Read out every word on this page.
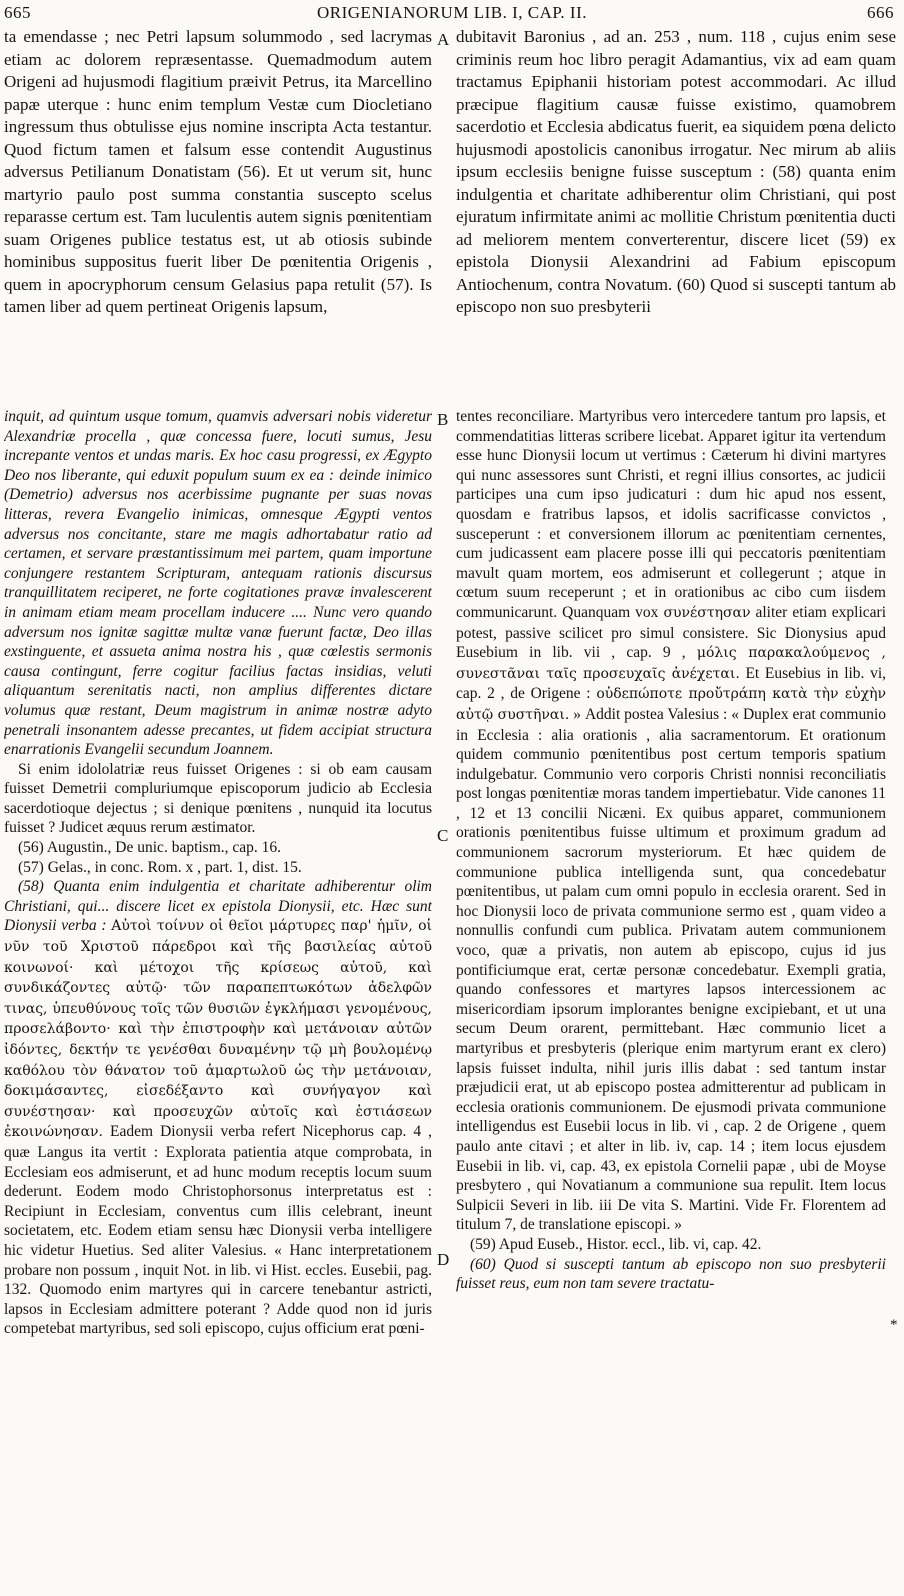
665	ORIGENIANORUM LIB. I, CAP. II.	666

ta emendasse ; nec Petri lapsum solummodo , sed lacrymas etiam ac dolorem repræsentasse. Quemadmodum autem Origeni ad hujusmodi flagitium præivit Petrus, ita Marcellino papæ uterque : hunc enim templum Vestæ cum Diocletiano ingressum thus obtulisse ejus nomine inscripta Acta testantur. Quod fictum tamen et falsum esse contendit Augustinus adversus Petilianum Donatistam (56). Et ut verum sit, hunc martyrio paulo post summa constantia suscepto scelus reparasse certum est. Tam luculentis autem signis pœnitentiam suam Origenes publice testatus est, ut ab otiosis subinde hominibus suppositus fuerit liber De pœnitentia Origenis , quem in apocryphorum censum Gelasius papa retulit (57). Is tamen liber ad quem pertineat Origenis lapsum,

A dubitavit Baronius , ad an. 253 , num. 118 , cujus enim sese criminis reum hoc libro peragit Adamantius, vix ad eam quam tractamus Epiphanii historiam potest accommodari. Ac illud præcipue flagitium causæ fuisse existimo, quamobrem sacerdotio et Ecclesia abdicatus fuerit, ea siquidem pœna delicto hujusmodi apostolicis canonibus irrogatur. Nec mirum ab aliis ipsum ecclesiis benigne fuisse susceptum : (58) quanta enim indulgentia et charitate adhiberentur olim Christiani, qui post ejuratum infirmitate animi ac mollitie Christum pœnitentia ducti ad meliorem mentem converterentur, discere licet (59) ex epistola Dionysii Alexandrini ad Fabium episcopum Antiochenum, contra Novatum. (60) Quod si suscepti tantum ab episcopo non suo presbyterii

inquit, ad quintum usque tomum, quamvis adversari nobis videretur Alexandriæ procella , quæ concessa fuere, locuti sumus, Jesu increpante ventos et undas maris. Ex hoc casu progressi, ex Ægypto Deo nos liberante, qui eduxit populum suum ex ea : deinde inimico (Demetrio) adversus nos acerbissime pugnante per suas novas litteras, revera Evangelio inimicas, omnesque Ægypti ventos adversus nos concitante, stare me magis adhortabatur ratio ad certamen, et servare præstantissimum mei partem, quam importune conjungere restantem Scripturam, antequam rationis discursus tranquillitatem reciperet, ne forte cogitationes pravæ invalescerent in animam etiam meam procellam inducere .... Nunc vero quando adversum nos ignitæ sagittæ multæ vanæ fuerunt factæ, Deo illas exstinguente, et assueta anima nostra his , quæ cœlestis sermonis causa contingunt, ferre cogitur facilius factas insidias, veluti aliquantum serenitatis nacti, non amplius differentes dictare volumus quæ restant, Deum magistrum in animæ nostræ adyto penetrali insonantem adesse precantes, ut fidem accipiat structura enarrationis Evangelii secundum Joannem.

Si enim idololatriæ reus fuisset Origenes : si ob eam causam fuisset Demetrii compluriumque episcoporum judicio ab Ecclesia sacerdotioque dejectus ; si denique pœnitens , nunquid ita locutus fuisset ? Judicet æquus rerum æstimator.

(56) Augustin., De unic. baptism., cap. 16.
(57) Gelas., in conc. Rom. x , part. 1, dist. 15.
(58) Quanta enim indulgentia et charitate adhiberentur olim Christiani, qui... discere licet ex epistola Dionysii, etc. Hæc sunt Dionysii verba : Αὐτοὶ τοίνυν οἱ θεῖοι μάρτυρες παρ' ἡμῖν, οἱ νῦν τοῦ Χριστοῦ πάρεδροι καὶ τῆς βασιλείας αὐτοῦ κοινωνοί· καὶ μέτοχοι τῆς κρίσεως αὐτοῦ, καὶ συνδικάζοντες αὐτῷ· τῶν παραπεπτωκότων ἀδελφῶν τινας, ὑπευθύνους τοῖς τῶν θυσιῶν ἐγκλήμασι γενομένους, προσελάβοντο· καὶ τὴν ἐπιστροφὴν καὶ μετάνοιαν αὐτῶν ἰδόντες, δεκτήν τε γενέσθαι δυναμένην τῷ μὴ βουλομένῳ καθόλου τὸν θάνατον τοῦ ἁμαρτωλοῦ ὡς τὴν μετάνοιαν, δοκιμάσαντες, εἰσεδέξαντο καὶ συνήγαγον καὶ συνέστησαν· καὶ προσευχῶν αὐτοῖς καὶ ἑστιάσεων ἐκοινώνησαν. Eadem Dionysii verba refert Nicephorus cap. 4 , quæ Langus ita vertit : Explorata patientia atque comprobata, in Ecclesiam eos admiserunt, et ad hunc modum receptis locum suum dederunt. Eodem modo Christophorsonus interpretatus est : Recipiunt in Ecclesiam, conventus cum illis celebrant, ineunt societatem, etc. Eodem etiam sensu hæc Dionysii verba intelligere hic videtur Huetius. Sed aliter Valesius. « Hanc interpretationem probare non possum , inquit Not. in lib. vi Hist. eccles. Eusebii, pag. 132. Quomodo enim martyres qui in carcere tenebantur astricti, lapsos in Ecclesiam admittere poterant ? Adde quod non id juris competebat martyribus, sed soli episcopo, cujus officium erat pœni-
B
C
D

tentes reconciliare. Martyribus vero intercedere tantum pro lapsis, et commendatitias litteras scribere licebat. Apparet igitur ita vertendum esse hunc Dionysii locum ut vertimus : Cæterum hi divini martyres qui nunc assessores sunt Christi, et regni illius consortes, ac judicii participes una cum ipso judicaturi : dum hic apud nos essent, quosdam e fratribus lapsos, et idolis sacrificasse convictos , susceperunt : et conversionem illorum ac pœnitentiam cernentes, cum judicassent eam placere posse illi qui peccatoris pœnitentiam mavult quam mortem, eos admiserunt et collegerunt ; atque in cœtum suum receperunt ; et in orationibus ac cibo cum iisdem communicarunt. Quanquam vox συνέστησαν aliter etiam explicari potest, passive scilicet pro simul consistere. Sic Dionysius apud Eusebium in lib. vii , cap. 9 , μόλις παρακαλούμενος , συνεστᾶναι ταῖς προσευχαῖς ἀνέχεται. Et Eusebius in lib. vi, cap. 2 , de Origene : οὐδεπώποτε προὔτράπη κατὰ τὴν εὐχὴν αὐτῷ συστῆναι. » Addit postea Valesius : « Duplex erat communio in Ecclesia : alia orationis , alia sacramentorum. Et orationum quidem communio pœnitentibus post certum temporis spatium indulgebatur. Communio vero corporis Christi nonnisi reconciliatis post longas pœnitentiæ moras tandem impertiebatur. Vide canones 11 , 12 et 13 concilii Nicæni. Ex quibus apparet, communionem orationis pœnitentibus fuisse ultimum et proximum gradum ad communionem sacrorum mysteriorum. Et hæc quidem de communione publica intelligenda sunt, qua concedebatur pœnitentibus, ut palam cum omni populo in ecclesia orarent. Sed in hoc Dionysii loco de privata communione sermo est , quam video a nonnullis confundi cum publica. Privatam autem communionem voco, quæ a privatis, non autem ab episcopo, cujus id jus pontificiumque erat, certæ personæ concedebatur. Exempli gratia, quando confessores et martyres lapsos intercessionem ac misericordiam ipsorum implorantes benigne excipiebant, et ut una secum Deum orarent, permittebant. Hæc communio licet a martyribus et presbyteris (plerique enim martyrum erant ex clero) lapsis fuisset indulta, nihil juris illis dabat : sed tantum instar præjudicii erat, ut ab episcopo postea admitterentur ad publicam in ecclesia orationis communionem. De ejusmodi privata communione intelligendus est Eusebii locus in lib. vi , cap. 2 de Origene , quem paulo ante citavi ; et alter in lib. iv, cap. 14 ; item locus ejusdem Eusebii in lib. vi, cap. 43, ex epistola Cornelii papæ , ubi de Moyse presbytero , qui Novatianum a communione sua repulit. Item locus Sulpicii Severi in lib. iii De vita S. Martini. Vide Fr. Florentem ad titulum 7, de translatione episcopi. »

(59) Apud Euseb., Histor. eccl., lib. vi, cap. 42.
(60) Quod si suscepti tantum ab episcopo non suo presbyterii fuisset reus, eum non tam severe tractatu-
*
